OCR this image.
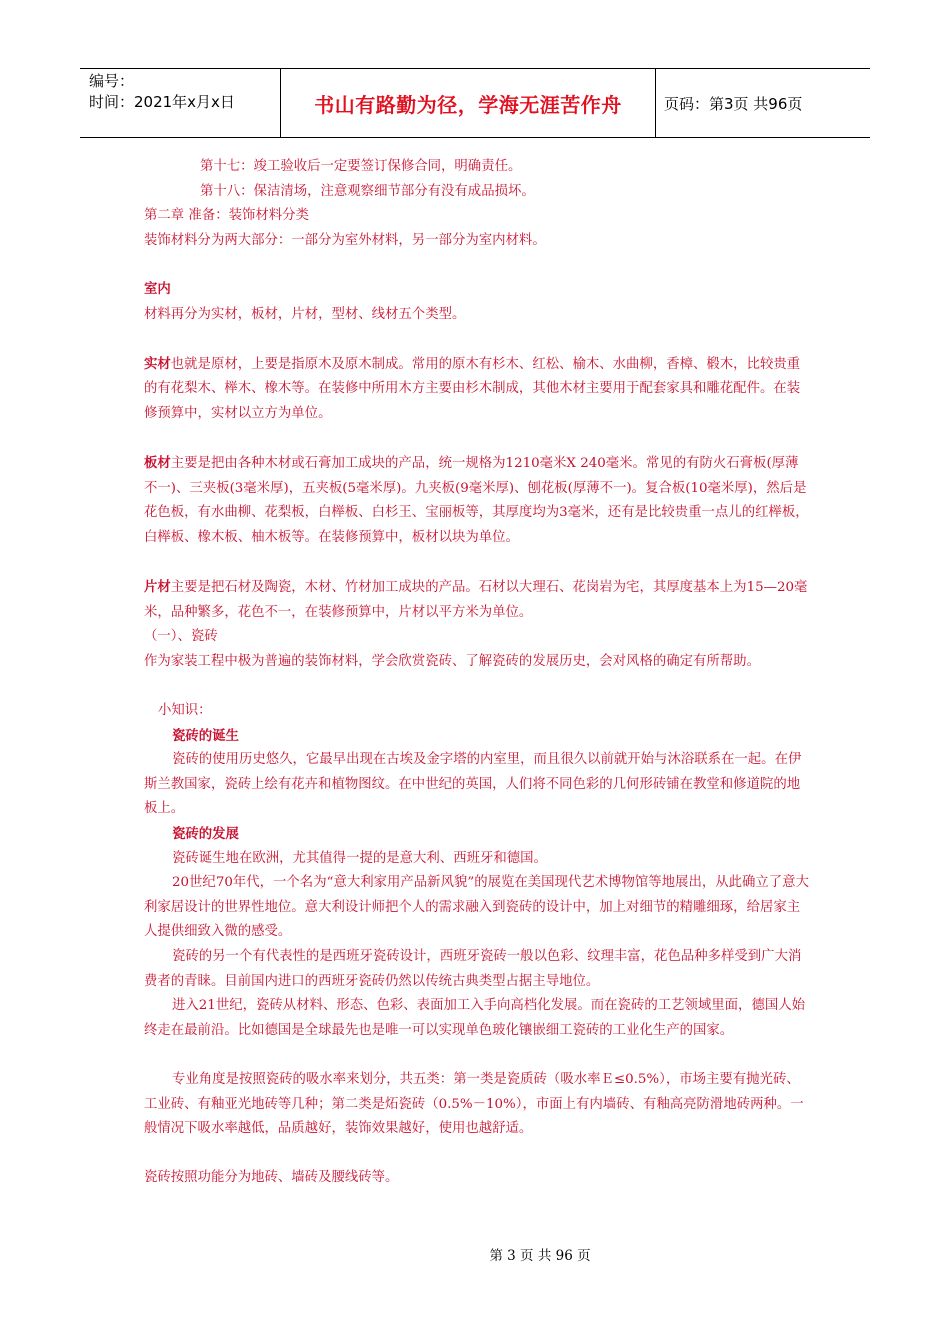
编号：
时间：2021年x月x日	书山有路勤为径，学海无涯苦作舟	页码：第3页 共96页

第十七：竣工验收后一定要签订保修合同，明确责任。

第十八：保洁清场，注意观察细节部分有没有成品损坏。

第二章 准备：装饰材料分类

装饰材料分为两大部分：一部分为室外材料，另一部分为室内材料。

室内

材料再分为实材，板材，片材，型材、线材五个类型。

实材也就是原材，上要是指原木及原木制成。常用的原木有杉木、红松、榆木、水曲柳，香樟、椴木，比较贵重的有花梨木、榉木、橡木等。在装修中所用木方主要由杉木制成，其他木材主要用于配套家具和雕花配件。在装修预算中，实材以立方为单位。

板材主要是把由各种木材或石膏加工成块的产品，统一规格为1210毫米X 240毫米。常见的有防火石膏板(厚薄不一)、三夹板(3毫米厚)，五夹板(5毫米厚)。九夹板(9毫米厚)、刨花板(厚薄不一)。复合板(10毫米厚)，然后是花色板，有水曲柳、花梨板，白榉板、白杉王、宝丽板等，其厚度均为3毫米，还有是比较贵重一点儿的红榉板，白榉板、橡木板、柚木板等。在装修预算中，板材以块为单位。

片材主要是把石材及陶瓷，木材、竹材加工成块的产品。石材以大理石、花岗岩为宅，其厚度基本上为15—20毫米，品种繁多，花色不一，在装修预算中，片材以平方米为单位。

（一）、瓷砖

作为家装工程中极为普遍的装饰材料，学会欣赏瓷砖、了解瓷砖的发展历史，会对风格的确定有所帮助。

小知识：

瓷砖的诞生

瓷砖的使用历史悠久，它最早出现在古埃及金字塔的内室里，而且很久以前就开始与沐浴联系在一起。在伊斯兰教国家，瓷砖上绘有花卉和植物图纹。在中世纪的英国，人们将不同色彩的几何形砖铺在教堂和修道院的地板上。

瓷砖的发展

瓷砖诞生地在欧洲，尤其值得一提的是意大利、西班牙和德国。

20世纪70年代，一个名为“意大利家用产品新风貌”的展览在美国现代艺术博物馆等地展出，从此确立了意大利家居设计的世界性地位。意大利设计师把个人的需求融入到瓷砖的设计中，加上对细节的精雕细琢，给居家主人提供细致入微的感受。

瓷砖的另一个有代表性的是西班牙瓷砖设计，西班牙瓷砖一般以色彩、纹理丰富，花色品种多样受到广大消费者的青睐。目前国内进口的西班牙瓷砖仍然以传统古典类型占据主导地位。

进入21世纪，瓷砖从材料、形态、色彩、表面加工入手向高档化发展。而在瓷砖的工艺领域里面，德国人始终走在最前沿。比如德国是全球最先也是唯一可以实现单色玻化镶嵌细工瓷砖的工业化生产的国家。

专业角度是按照瓷砖的吸水率来划分，共五类：第一类是瓷质砖（吸水率Ｅ≤0.5%），市场主要有抛光砖、工业砖、有釉亚光地砖等几种；第二类是炻瓷砖（0.5%－10%），市面上有内墙砖、有釉高亮防滑地砖两种。一般情况下吸水率越低，品质越好，装饰效果越好，使用也越舒适。

瓷砖按照功能分为地砖、墙砖及腰线砖等。

第 3 页 共 96 页
